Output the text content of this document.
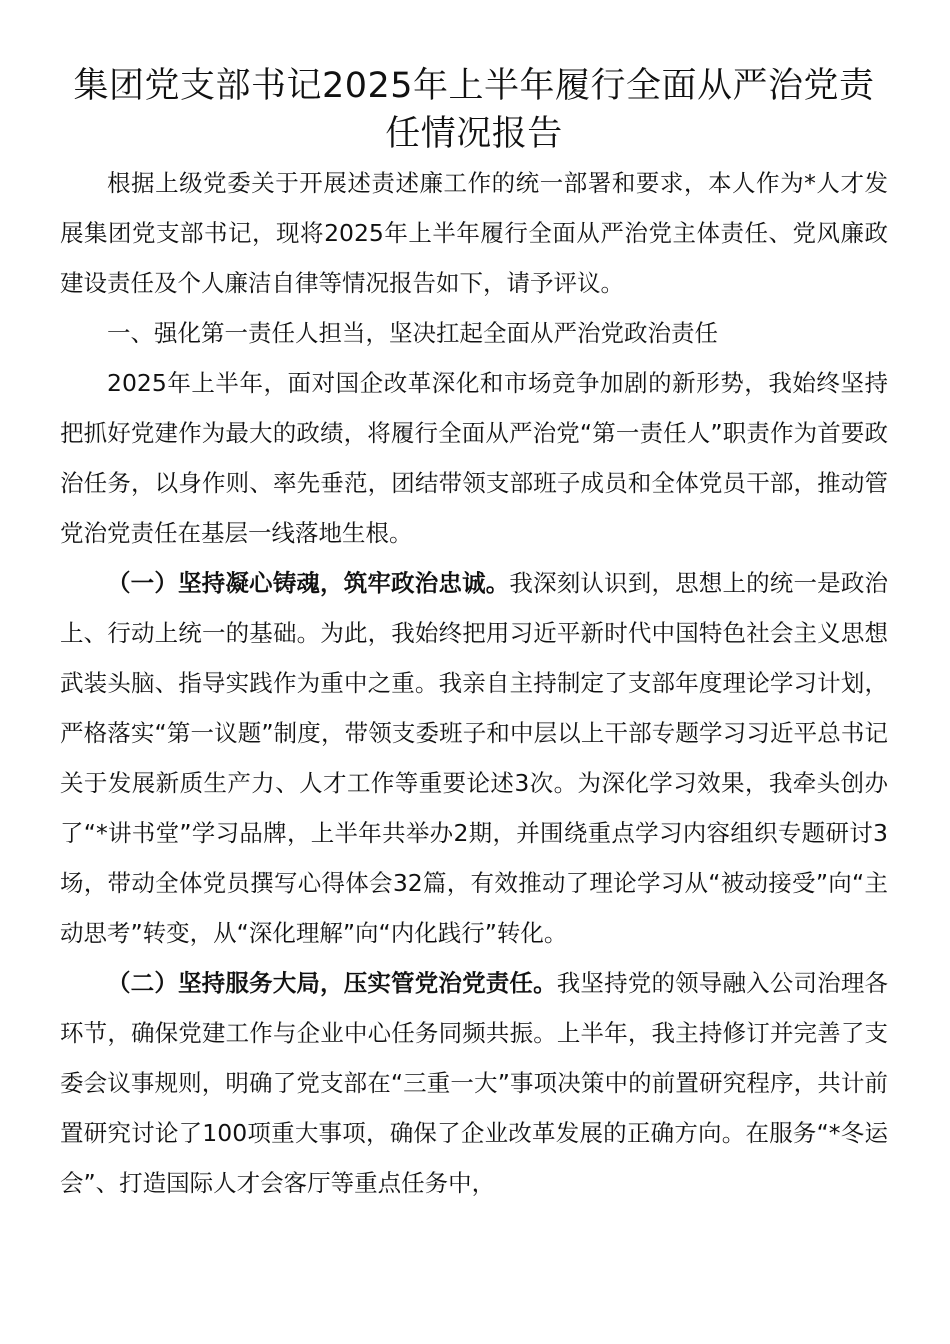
集团党支部书记2025年上半年履行全面从严治党责任情况报告

根据上级党委关于开展述责述廉工作的统一部署和要求，本人作为*人才发展集团党支部书记，现将2025年上半年履行全面从严治党主体责任、党风廉政建设责任及个人廉洁自律等情况报告如下，请予评议。

一、强化第一责任人担当，坚决扛起全面从严治党政治责任

2025年上半年，面对国企改革深化和市场竞争加剧的新形势，我始终坚持把抓好党建作为最大的政绩，将履行全面从严治党“第一责任人”职责作为首要政治任务，以身作则、率先垂范，团结带领支部班子成员和全体党员干部，推动管党治党责任在基层一线落地生根。

（一）坚持凝心铸魂，筑牢政治忠诚。我深刻认识到，思想上的统一是政治上、行动上统一的基础。为此，我始终把用习近平新时代中国特色社会主义思想武装头脑、指导实践作为重中之重。我亲自主持制定了支部年度理论学习计划，严格落实“第一议题”制度，带领支委班子和中层以上干部专题学习习近平总书记关于发展新质生产力、人才工作等重要论述3次。为深化学习效果，我牵头创办了“*讲书堂”学习品牌，上半年共举办2期，并围绕重点学习内容组织专题研讨3场，带动全体党员撰写心得体会32篇，有效推动了理论学习从“被动接受”向“主动思考”转变，从“深化理解”向“内化践行”转化。

（二）坚持服务大局，压实管党治党责任。我坚持党的领导融入公司治理各环节，确保党建工作与企业中心任务同频共振。上半年，我主持修订并完善了支委会议事规则，明确了党支部在“三重一大”事项决策中的前置研究程序，共计前置研究讨论了100项重大事项，确保了企业改革发展的正确方向。在服务“*冬运会”、打造国际人才会客厅等重点任务中，
